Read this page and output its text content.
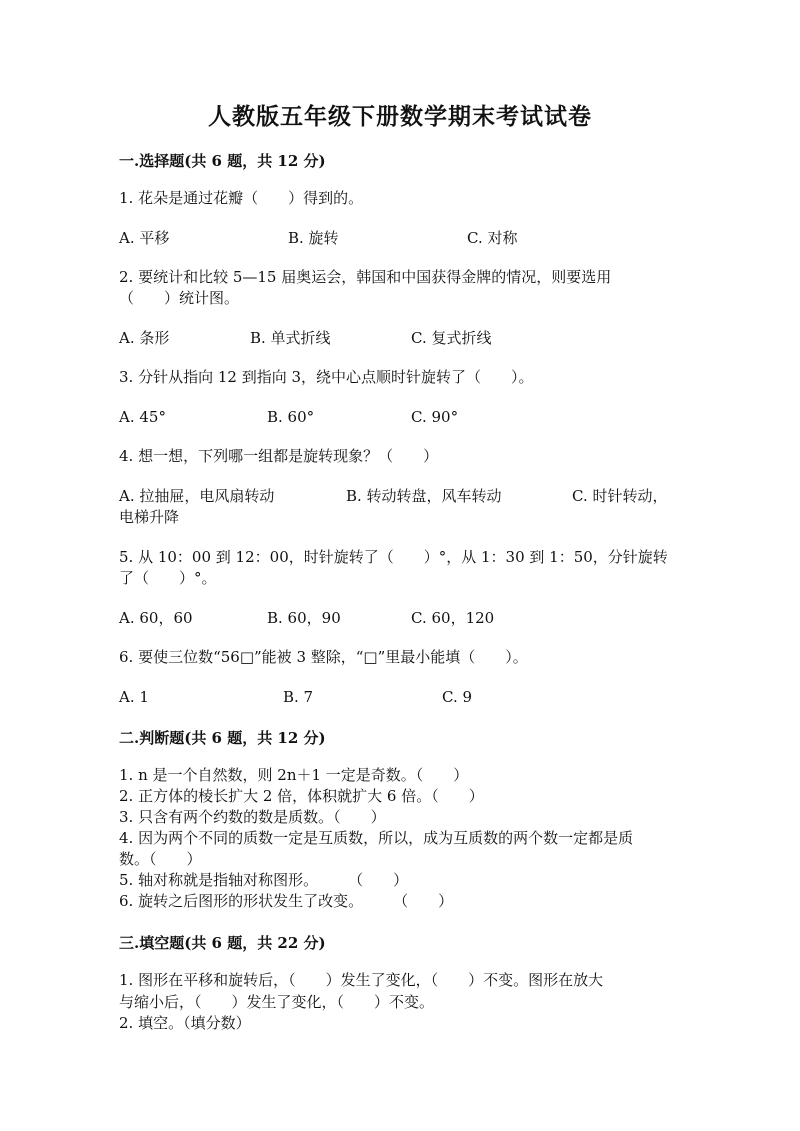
人教版五年级下册数学期末考试试卷
一.选择题(共 6 题，共 12 分)
1. 花朵是通过花瓣（　　）得到的。
A. 平移	B. 旋转	C. 对称
2. 要统计和比较 5—15 届奥运会，韩国和中国获得金牌的情况，则要选用
（　　）统计图。
A. 条形	B. 单式折线	C. 复式折线
3. 分针从指向 12 到指向 3，绕中心点顺时针旋转了（　　）。
A. 45°	B. 60°	C. 90°
4. 想一想，下列哪一组都是旋转现象？（　　）
A. 拉抽屉，电风扇转动	B. 转动转盘，风车转动	C. 时针转动，
电梯升降
5. 从 10：00 到 12：00，时针旋转了（　　）°，从 1：30 到 1：50，分针旋转
了（　　）°。
A. 60，60	B. 60，90	C. 60，120
6. 要使三位数“56□”能被 3 整除，“□”里最小能填（　　）。
A. 1	B. 7	C. 9
二.判断题(共 6 题，共 12 分)
1. n 是一个自然数，则 2n＋1 一定是奇数。（　　）
2. 正方体的棱长扩大 2 倍，体积就扩大 6 倍。（　　）
3. 只含有两个约数的数是质数。（　　）
4. 因为两个不同的质数一定是互质数，所以，成为互质数的两个数一定都是质
数。（　　）
5. 轴对称就是指轴对称图形。　　　（　　）
6. 旋转之后图形的形状发生了改变。　　　（　　）
三.填空题(共 6 题，共 22 分)
1. 图形在平移和旋转后，（　　）发生了变化，（　　）不变。图形在放大
与缩小后，（　　）发生了变化，（　　）不变。
2. 填空。（填分数）
